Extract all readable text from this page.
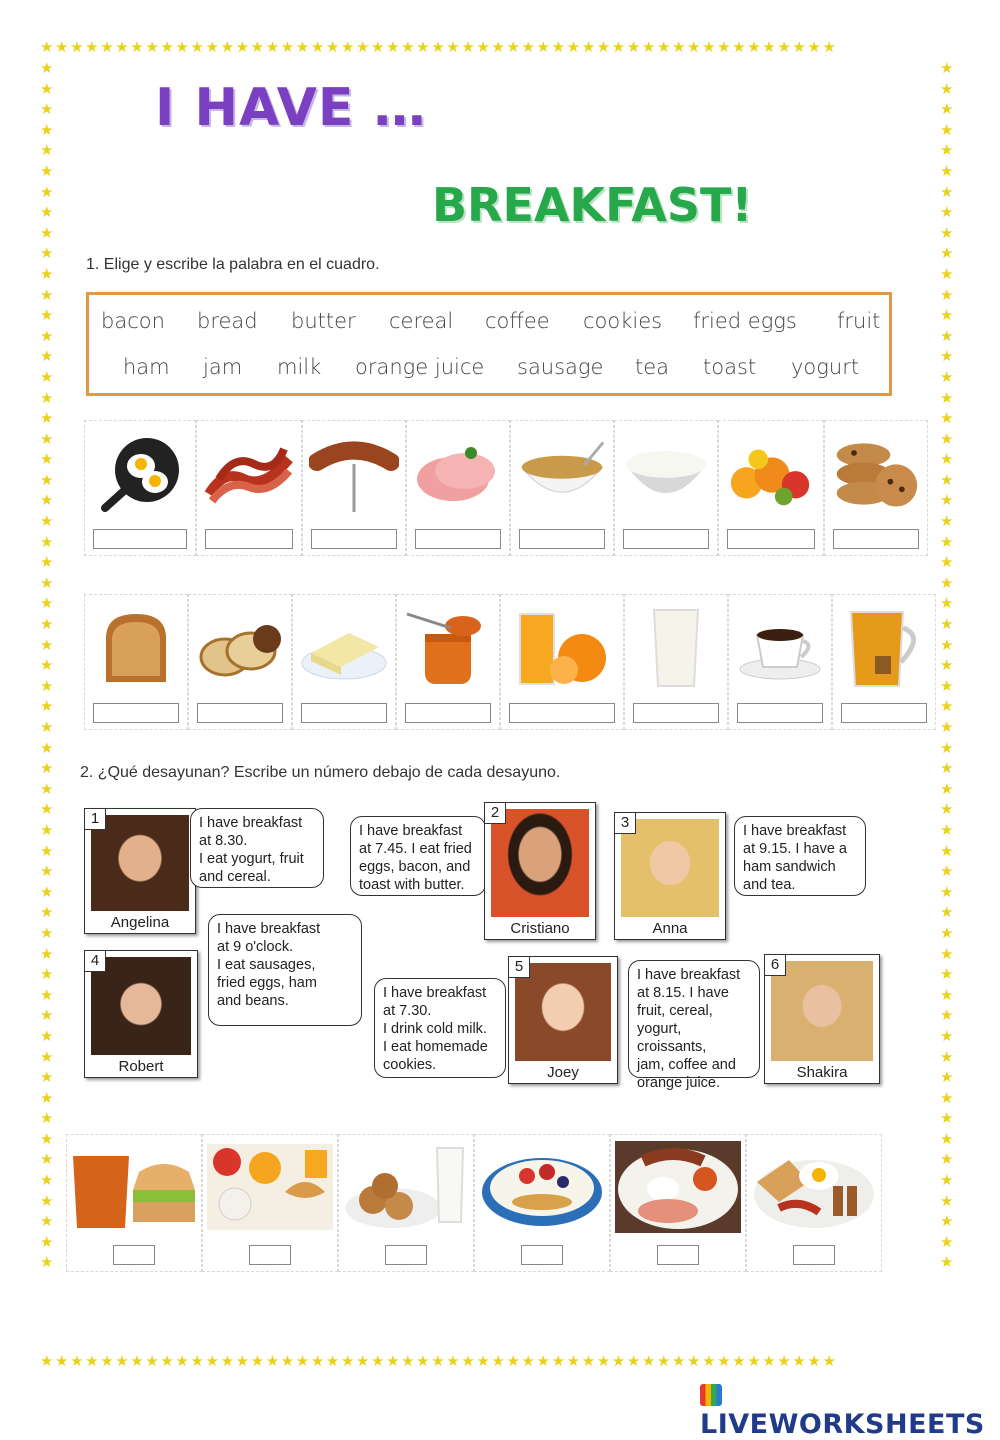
★★★★★★★★★★★★★★★★★★★★★★★★★★★★★★★★★★★★★★★★★★★★★★★★★★★★★
★★★★★★★★★★★★★★★★★★★★★★★★★★★★★★★★★★★★★★★★★★★★★★★★★★★★★
★★★★★★★★★★★★★★★★★★★★★★★★★★★★★★★★★★★★★★★★★★★★★★★★★★★★★★★★★★★
★★★★★★★★★★★★★★★★★★★★★★★★★★★★★★★★★★★★★★★★★★★★★★★★★★★★★★★★★★★
I HAVE …
BREAKFAST!
1. Elige y escribe la palabra en el cuadro.
bacon bread butter cereal coffee cookies fried eggs fruit
ham jam milk orange juice sausage tea toast yogurt
2. ¿Qué desayunan? Escribe un número debajo de cada desayuno.
1
Angelina
I have breakfast
at 8.30.
I eat yogurt, fruit
and cereal.
I have breakfast
at 7.45. I eat fried
eggs, bacon, and
toast with butter.
2
Cristiano
3
Anna
I have breakfast
at 9.15. I have a
ham sandwich
and tea.
4
Robert
I have breakfast
at 9 o'clock.
I eat sausages,
fried eggs, ham
and beans.	I have breakfast
at 7.30.
I drink cold milk.
I eat homemade
cookies.
5
Joey
I have breakfast
at 8.15. I have
fruit, cereal,
yogurt, croissants,
jam, coffee and
orange juice.
6
Shakira
LIVEWORKSHEETS
